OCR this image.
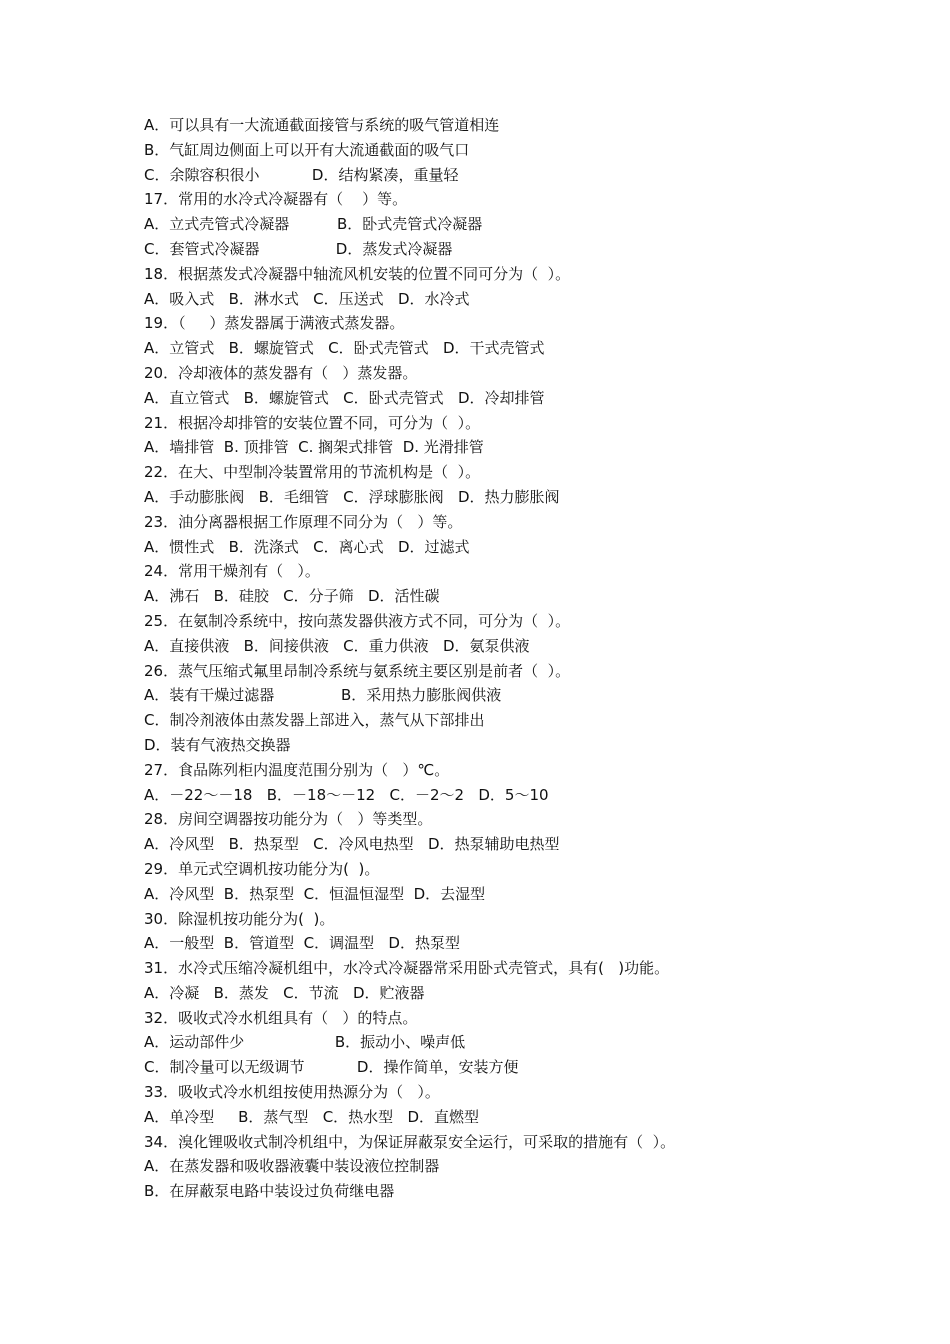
A．可以具有一大流通截面接管与系统的吸气管道相连
B．气缸周边侧面上可以开有大流通截面的吸气口
C．余隙容积很小           D．结构紧凑，重量轻
17．常用的水冷式冷凝器有（    ）等。
A．立式壳管式冷凝器          B．卧式壳管式冷凝器
C．套管式冷凝器                D．蒸发式冷凝器
18．根据蒸发式冷凝器中轴流风机安装的位置不同可分为（  ）。
A．吸入式   B．淋水式   C．压送式   D．水冷式
19．（     ）蒸发器属于满液式蒸发器。
A．立管式   B．螺旋管式   C．卧式壳管式   D．干式壳管式
20．冷却液体的蒸发器有（   ）蒸发器。
A．直立管式   B．螺旋管式   C．卧式壳管式   D．冷却排管
21．根据冷却排管的安装位置不同，可分为（  ）。
A．墙排管  B. 顶排管  C. 搁架式排管  D. 光滑排管
22．在大、中型制冷装置常用的节流机构是（  ）。
A．手动膨胀阀   B．毛细管   C．浮球膨胀阀   D．热力膨胀阀
23．油分离器根据工作原理不同分为（   ）等。
A．惯性式   B．洗涤式   C．离心式   D．过滤式
24．常用干燥剂有（   ）。
A．沸石   B．硅胶   C．分子筛   D．活性碳
25．在氨制冷系统中，按向蒸发器供液方式不同，可分为（  ）。
A．直接供液   B．间接供液   C．重力供液   D．氨泵供液
26．蒸气压缩式氟里昂制冷系统与氨系统主要区别是前者（  ）。
A．装有干燥过滤器              B．采用热力膨胀阀供液
C．制冷剂液体由蒸发器上部进入，蒸气从下部排出
D．装有气液热交换器
27．食品陈列柜内温度范围分别为（   ）℃。
A．－22～－18   B．－18～－12   C．－2～2   D．5～10
28．房间空调器按功能分为（   ）等类型。
A．冷风型   B．热泵型   C．冷风电热型   D．热泵辅助电热型
29．单元式空调机按功能分为(  )。
A．冷风型  B．热泵型  C．恒温恒湿型  D．去湿型
30．除湿机按功能分为(  )。
A．一般型  B．管道型  C．调温型   D．热泵型
31．水冷式压缩冷凝机组中，水冷式冷凝器常采用卧式壳管式，具有(   )功能。
A．冷凝   B．蒸发   C．节流   D．贮液器
32．吸收式冷水机组具有（   ）的特点。
A．运动部件少                   B．振动小、噪声低
C．制冷量可以无级调节           D．操作简单，安装方便
33．吸收式冷水机组按使用热源分为（   ）。
A．单冷型     B．蒸气型   C．热水型   D．直燃型
34．溴化锂吸收式制冷机组中，为保证屏蔽泵安全运行，可采取的措施有（  ）。
A．在蒸发器和吸收器液囊中装设液位控制器
B．在屏蔽泵电路中装设过负荷继电器
